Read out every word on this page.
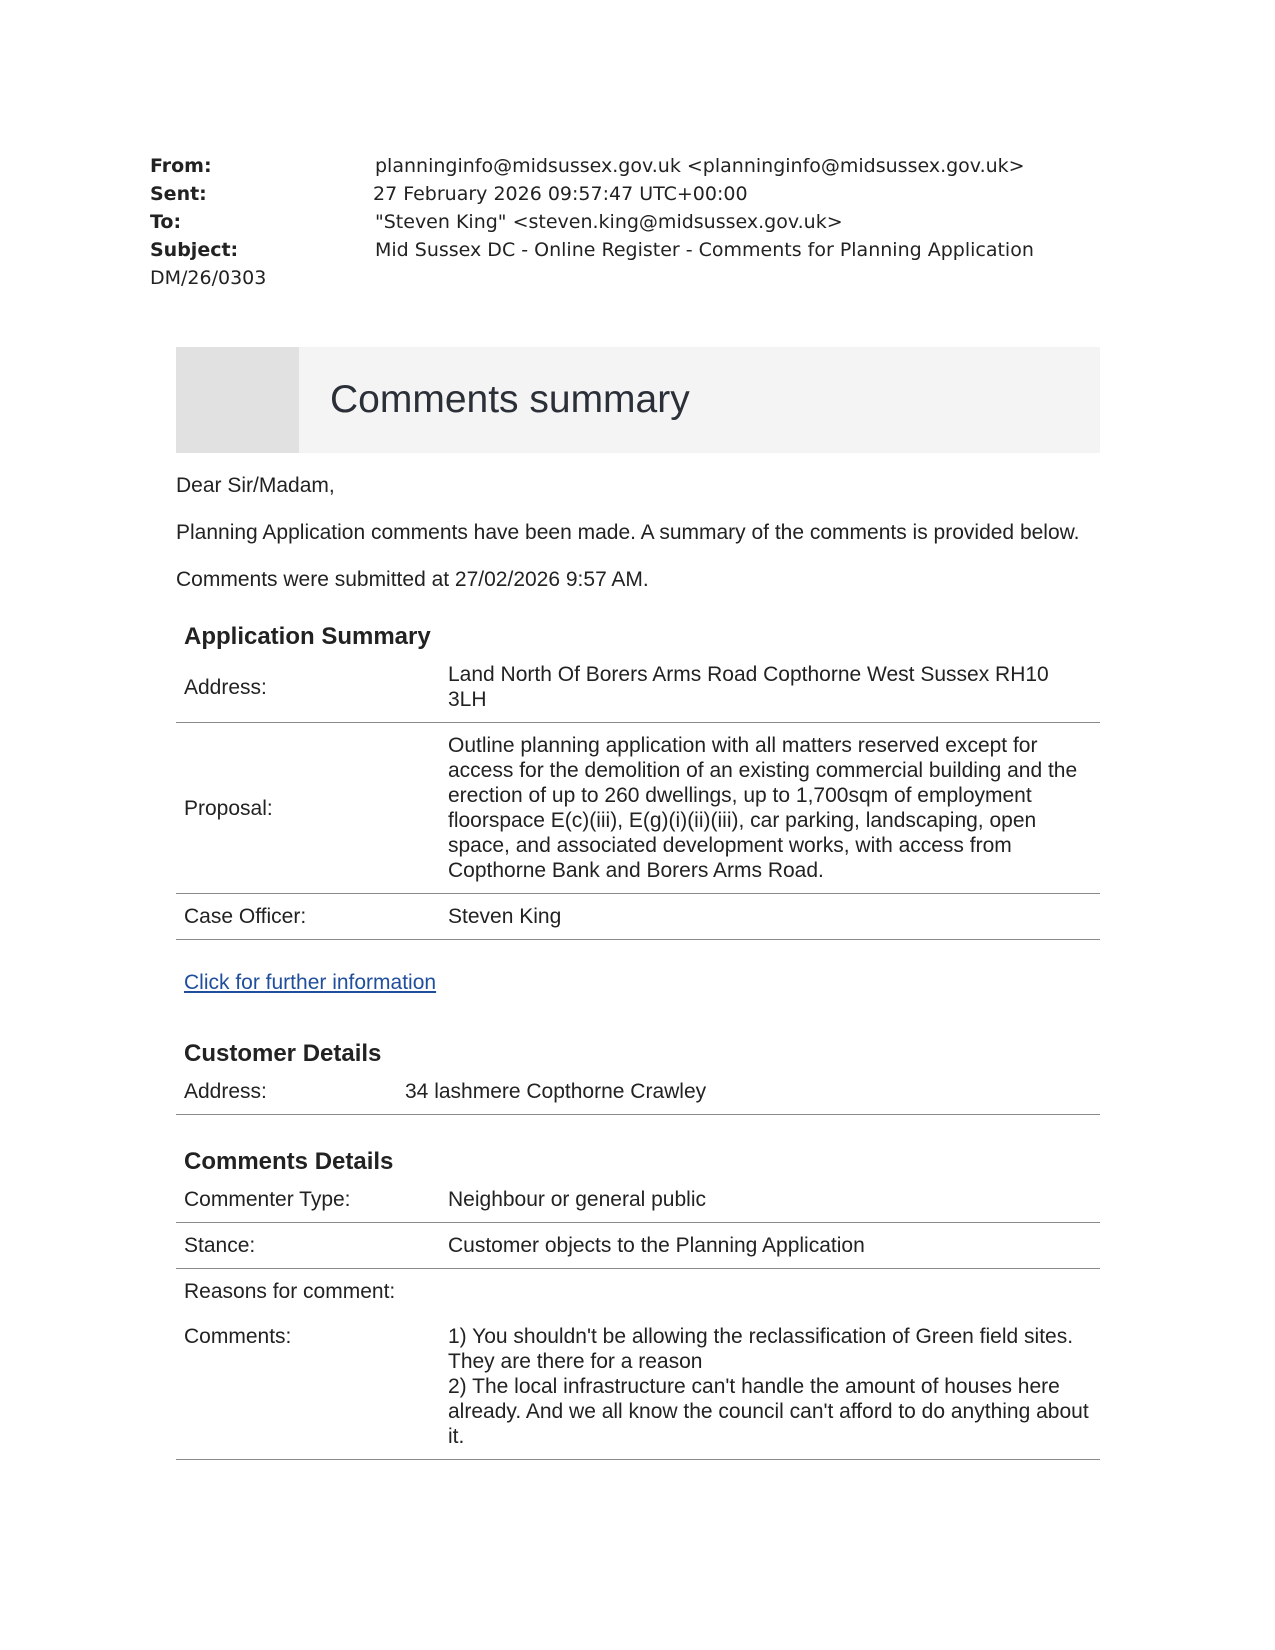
From:	planninginfo@midsussex.gov.uk <planninginfo@midsussex.gov.uk>
Sent:	27 February 2026 09:57:47 UTC+00:00
To:	"Steven King" <steven.king@midsussex.gov.uk>
Subject:	Mid Sussex DC - Online Register - Comments for Planning Application
DM/26/0303
Comments summary

Dear Sir/Madam,

Planning Application comments have been made. A summary of the comments is provided below.

Comments were submitted at 27/02/2026 9:57 AM.

Application Summary
Address:	Land North Of Borers Arms Road Copthorne West Sussex RH10 3LH
Proposal:	Outline planning application with all matters reserved except for access for the demolition of an existing commercial building and the erection of up to 260 dwellings, up to 1,700sqm of employment floorspace E(c)(iii), E(g)(i)(ii)(iii), car parking, landscaping, open space, and associated development works, with access from Copthorne Bank and Borers Arms Road.
Case Officer:	Steven King
Click for further information
Customer Details
Address:	34 lashmere Copthorne Crawley
Comments Details
Commenter Type:	Neighbour or general public
Stance:	Customer objects to the Planning Application
Reasons for comment:	
Comments:	1) You shouldn't be allowing the reclassification of Green field sites. They are there for a reason
2) The local infrastructure can't handle the amount of houses here already. And we all know the council can't afford to do anything about it.
